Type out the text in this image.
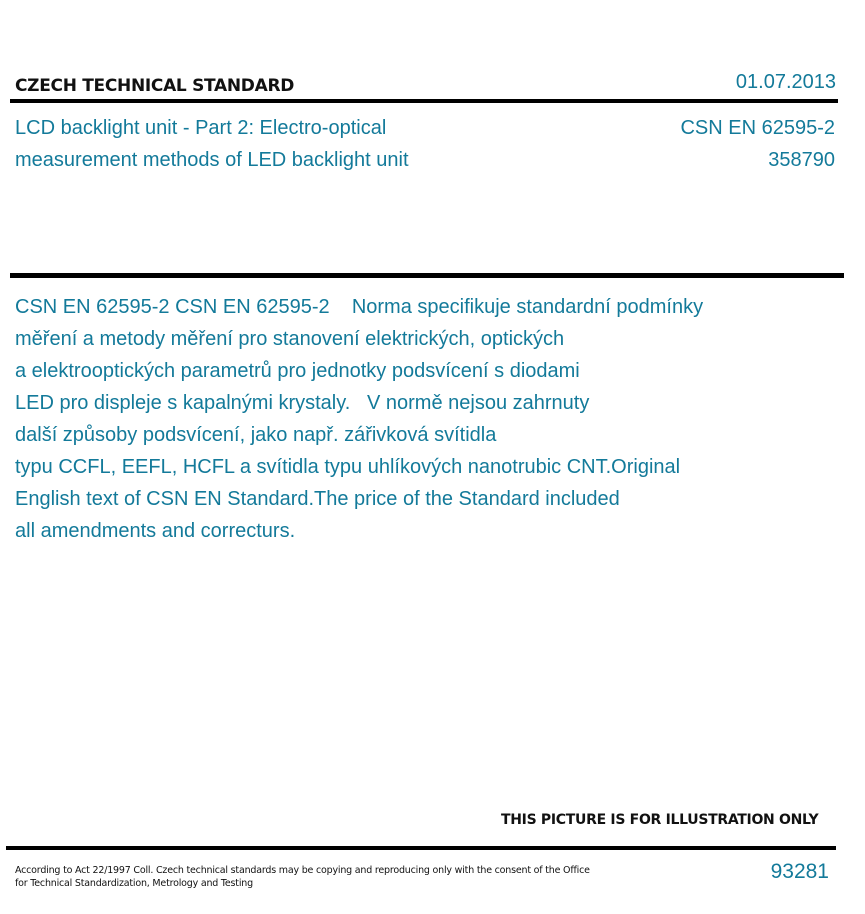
CZECH TECHNICAL STANDARD	01.07.2013
LCD backlight unit - Part 2: Electro-optical
measurement methods of LED backlight unit
CSN EN 62595-2
358790
CSN EN 62595-2 CSN EN 62595-2    Norma specifikuje standardní podmínky
měření a metody měření pro stanovení elektrických, optických
a elektrooptických parametrů pro jednotky podsvícení s diodami
LED pro displeje s kapalnými krystaly.   V normě nejsou zahrnuty
další způsoby podsvícení, jako např. zářivková svítidla
typu CCFL, EEFL, HCFL a svítidla typu uhlíkových nanotrubic CNT.Original
English text of CSN EN Standard.The price of the Standard included
all amendments and correcturs.
THIS PICTURE IS FOR ILLUSTRATION ONLY
According to Act 22/1997 Coll. Czech technical standards may be copying and reproducing only with the consent of the Office
for Technical Standardization, Metrology and Testing
93281
